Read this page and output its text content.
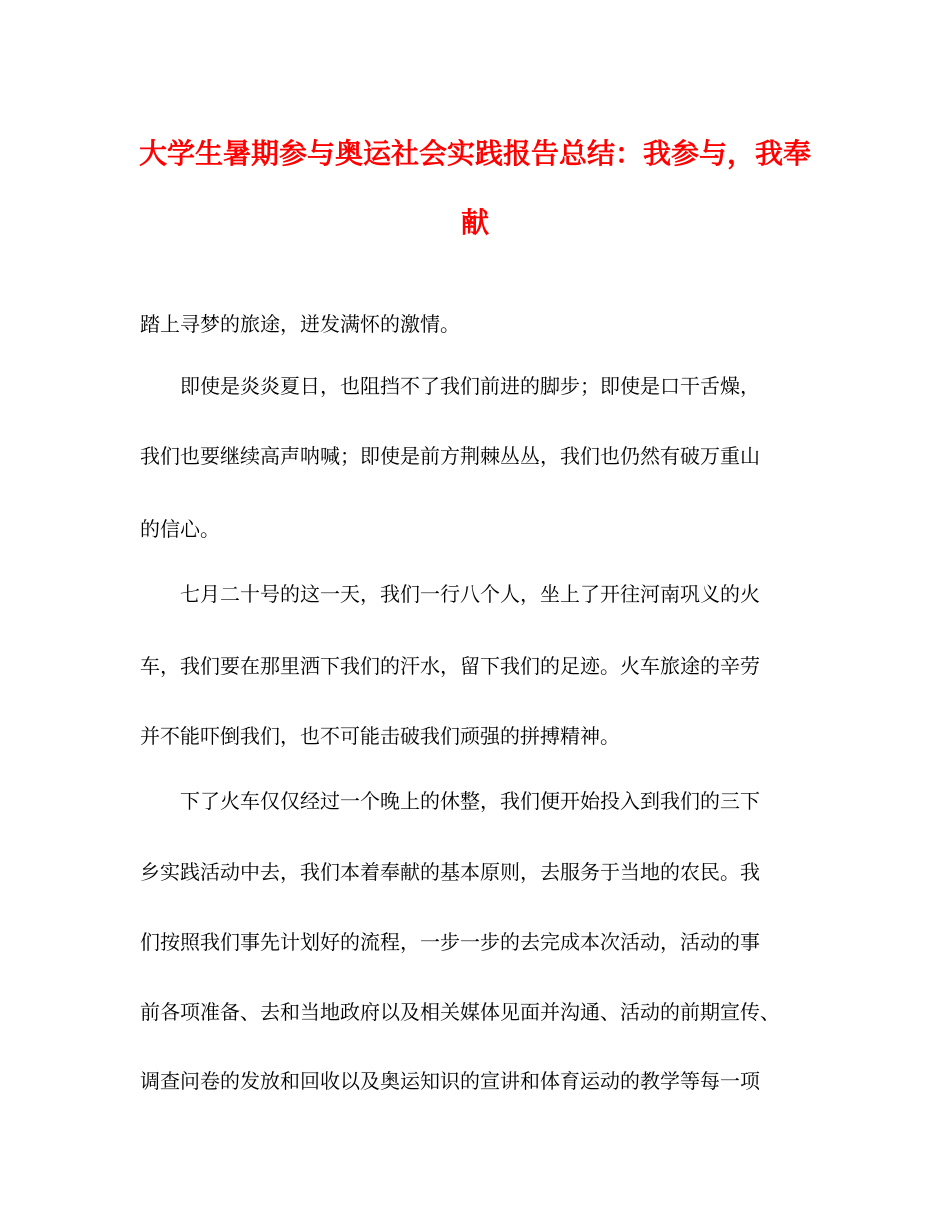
大学生暑期参与奥运社会实践报告总结：我参与，我奉
献

踏上寻梦的旅途，迸发满怀的激情。

即使是炎炎夏日，也阻挡不了我们前进的脚步；即使是口干舌燥，

我们也要继续高声呐喊；即使是前方荆棘丛丛，我们也仍然有破万重山

的信心。

七月二十号的这一天，我们一行八个人，坐上了开往河南巩义的火

车，我们要在那里洒下我们的汗水，留下我们的足迹。火车旅途的辛劳

并不能吓倒我们，也不可能击破我们顽强的拼搏精神。

下了火车仅仅经过一个晚上的休整，我们便开始投入到我们的三下

乡实践活动中去，我们本着奉献的基本原则，去服务于当地的农民。我

们按照我们事先计划好的流程，一步一步的去完成本次活动，活动的事

前各项准备、去和当地政府以及相关媒体见面并沟通、活动的前期宣传、

调查问卷的发放和回收以及奥运知识的宣讲和体育运动的教学等每一项
